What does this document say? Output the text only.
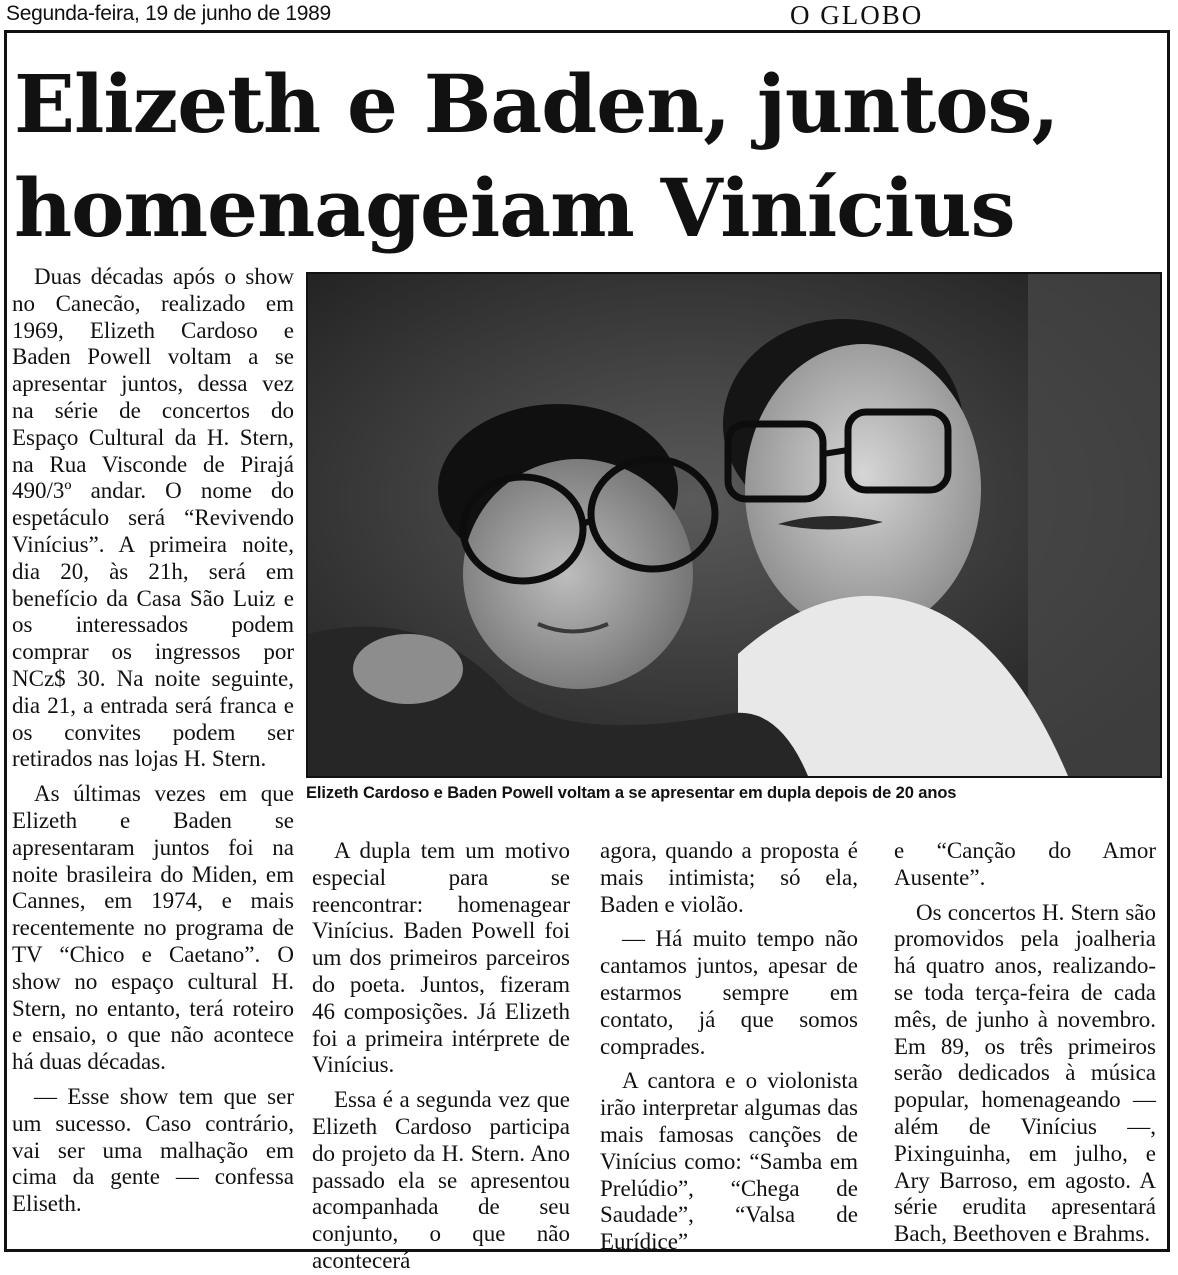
Segunda-feira, 19 de junho de 1989	O GLOBO
Elizeth e Baden, juntos,
homenageiam Vinícius

Duas décadas após o show no Canecão, realizado em 1969, Elizeth Cardoso e Baden Powell voltam a se apresentar juntos, dessa vez na série de concertos do Espaço Cultural da H. Stern, na Rua Visconde de Pirajá 490/3º andar. O nome do espetáculo será “Revivendo Vinícius”. A primeira noite, dia 20, às 21h, será em benefício da Casa São Luiz e os interessados podem comprar os ingressos por NCz$ 30. Na noite seguinte, dia 21, a entrada será franca e os convites podem ser retirados nas lojas H. Stern.

As últimas vezes em que Elizeth e Baden se apresentaram juntos foi na noite brasileira do Miden, em Cannes, em 1974, e mais recentemente no programa de TV “Chico e Caetano”. O show no espaço cultural H. Stern, no entanto, terá roteiro e ensaio, o que não acontece há duas décadas.

— Esse show tem que ser um sucesso. Caso contrário, vai ser uma malhação em cima da gente — confessa Eliseth.

Elizeth Cardoso e Baden Powell voltam a se apresentar em dupla depois de 20 anos

A dupla tem um motivo especial para se reencontrar: homenagear Vinícius. Baden Powell foi um dos primeiros parceiros do poeta. Juntos, fizeram 46 composições. Já Elizeth foi a primeira intérprete de Vinícius.

Essa é a segunda vez que Elizeth Cardoso participa do projeto da H. Stern. Ano passado ela se apresentou acompanhada de seu conjunto, o que não acontecerá

agora, quando a proposta é mais intimista; só ela, Baden e violão.

— Há muito tempo não cantamos juntos, apesar de estarmos sempre em contato, já que somos comprades.

A cantora e o violonista irão interpretar algumas das mais famosas canções de Vinícius como: “Samba em Prelúdio”, “Chega de Saudade”, “Valsa de Eurídice”

e “Canção do Amor Ausente”.

Os concertos H. Stern são promovidos pela joalheria há quatro anos, realizando-se toda terça-feira de cada mês, de junho à novembro. Em 89, os três primeiros serão dedicados à música popular, homenageando — além de Vinícius —, Pixinguinha, em julho, e Ary Barroso, em agosto. A série erudita apresentará Bach, Beethoven e Brahms.
